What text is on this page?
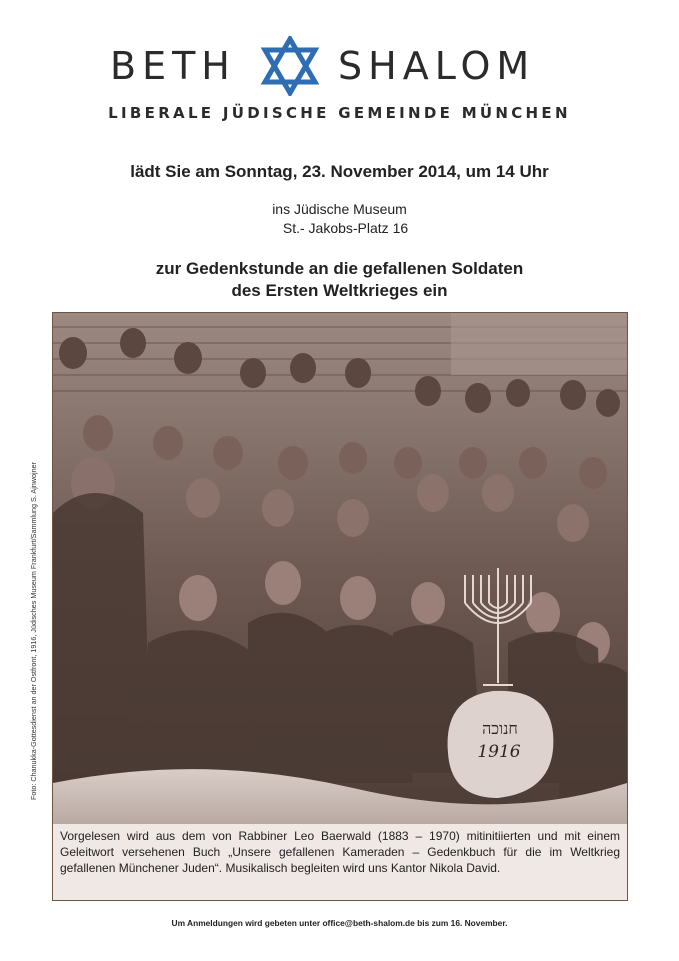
BETH	SHALOM
LIBERALE JÜDISCHE GEMEINDE MÜNCHEN
lädt Sie am Sonntag, 23. November 2014, um 14 Uhr
ins Jüdische Museum
St.- Jakobs-Platz 16
zur Gedenkstunde an die gefallenen Soldaten
des Ersten Weltkrieges ein
Foto: Chanukka-Gottesdienst an der Ostfront, 1916, Jüdisches Museum Frankfurt/Sammlung S. Ajnwojner	חנוכה
1916
Vorgelesen wird aus dem von Rabbiner Leo Baerwald (1883 – 1970) mitinitiierten und mit einem Geleitwort versehenen Buch „Unsere gefallenen Kameraden – Gedenkbuch für die im Weltkrieg gefallenen Münchener Juden“. Musikalisch begleiten wird uns Kantor Nikola David.
Um Anmeldungen wird gebeten unter office@beth-shalom.de bis zum 16. November.
